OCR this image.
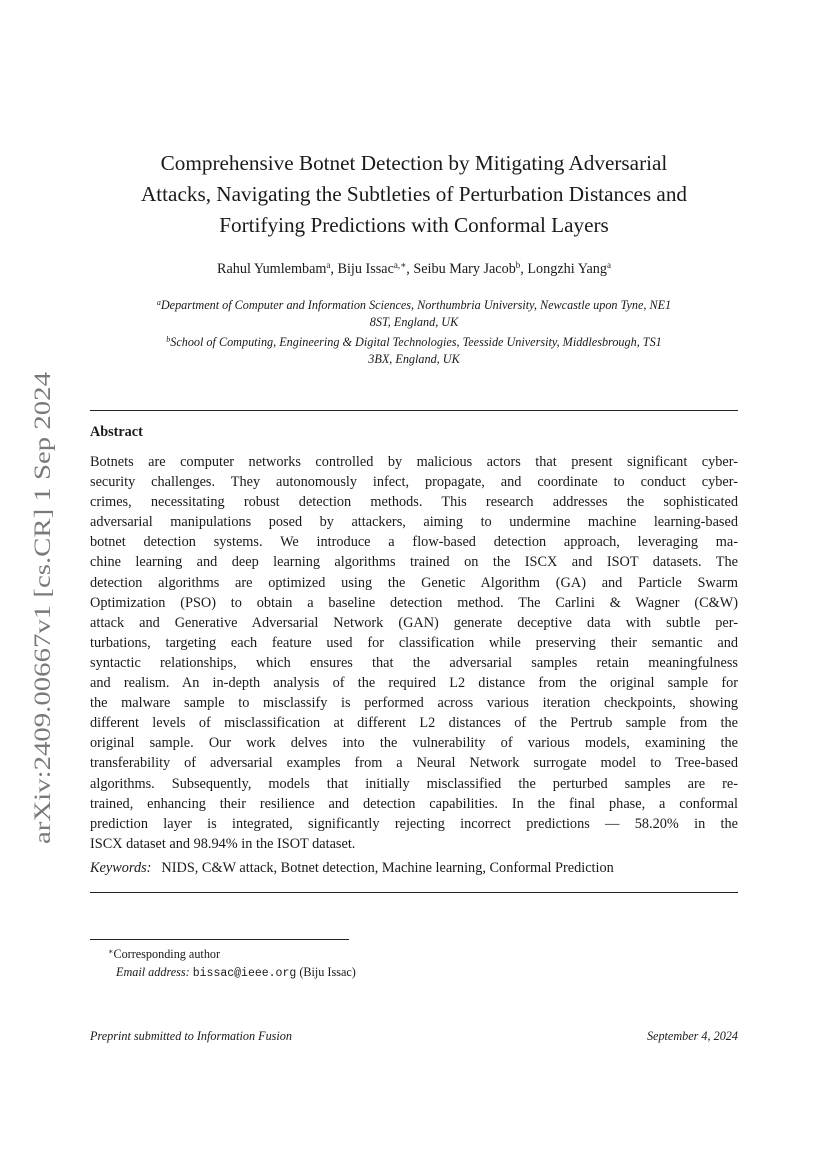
arXiv:2409.00667v1 [cs.CR] 1 Sep 2024
Comprehensive Botnet Detection by Mitigating Adversarial
Attacks, Navigating the Subtleties of Perturbation Distances and
Fortifying Predictions with Conformal Layers
Rahul Yumlembam$^a$, Biju Issac$^{a,∗}$, Seibu Mary Jacob$^b$, Longzhi Yang$^a$
$^a$Department of Computer and Information Sciences, Northumbria University, Newcastle upon Tyne, NE1
8ST, England, UK
$^b$School of Computing, Engineering & Digital Technologies, Teesside University, Middlesbrough, TS1
3BX, England, UK
Abstract
Botnets are computer networks controlled by malicious actors that present significant cyber-
security challenges. They autonomously infect, propagate, and coordinate to conduct cyber-
crimes, necessitating robust detection methods. This research addresses the sophisticated
adversarial manipulations posed by attackers, aiming to undermine machine learning-based
botnet detection systems. We introduce a flow-based detection approach, leveraging ma-
chine learning and deep learning algorithms trained on the ISCX and ISOT datasets. The
detection algorithms are optimized using the Genetic Algorithm (GA) and Particle Swarm
Optimization (PSO) to obtain a baseline detection method. The Carlini & Wagner (C&W)
attack and Generative Adversarial Network (GAN) generate deceptive data with subtle per-
turbations, targeting each feature used for classification while preserving their semantic and
syntactic relationships, which ensures that the adversarial samples retain meaningfulness
and realism. An in-depth analysis of the required L2 distance from the original sample for
the malware sample to misclassify is performed across various iteration checkpoints, showing
different levels of misclassification at different L2 distances of the Pertrub sample from the
original sample. Our work delves into the vulnerability of various models, examining the
transferability of adversarial examples from a Neural Network surrogate model to Tree-based
algorithms. Subsequently, models that initially misclassified the perturbed samples are re-
trained, enhancing their resilience and detection capabilities. In the final phase, a conformal
prediction layer is integrated, significantly rejecting incorrect predictions — 58.20% in the
ISCX dataset and 98.94% in the ISOT dataset.
Keywords: NIDS, C&W attack, Botnet detection, Machine learning, Conformal Prediction
∗Corresponding author
Email address: bissac@ieee.org (Biju Issac)
Preprint submitted to Information Fusion	September 4, 2024
